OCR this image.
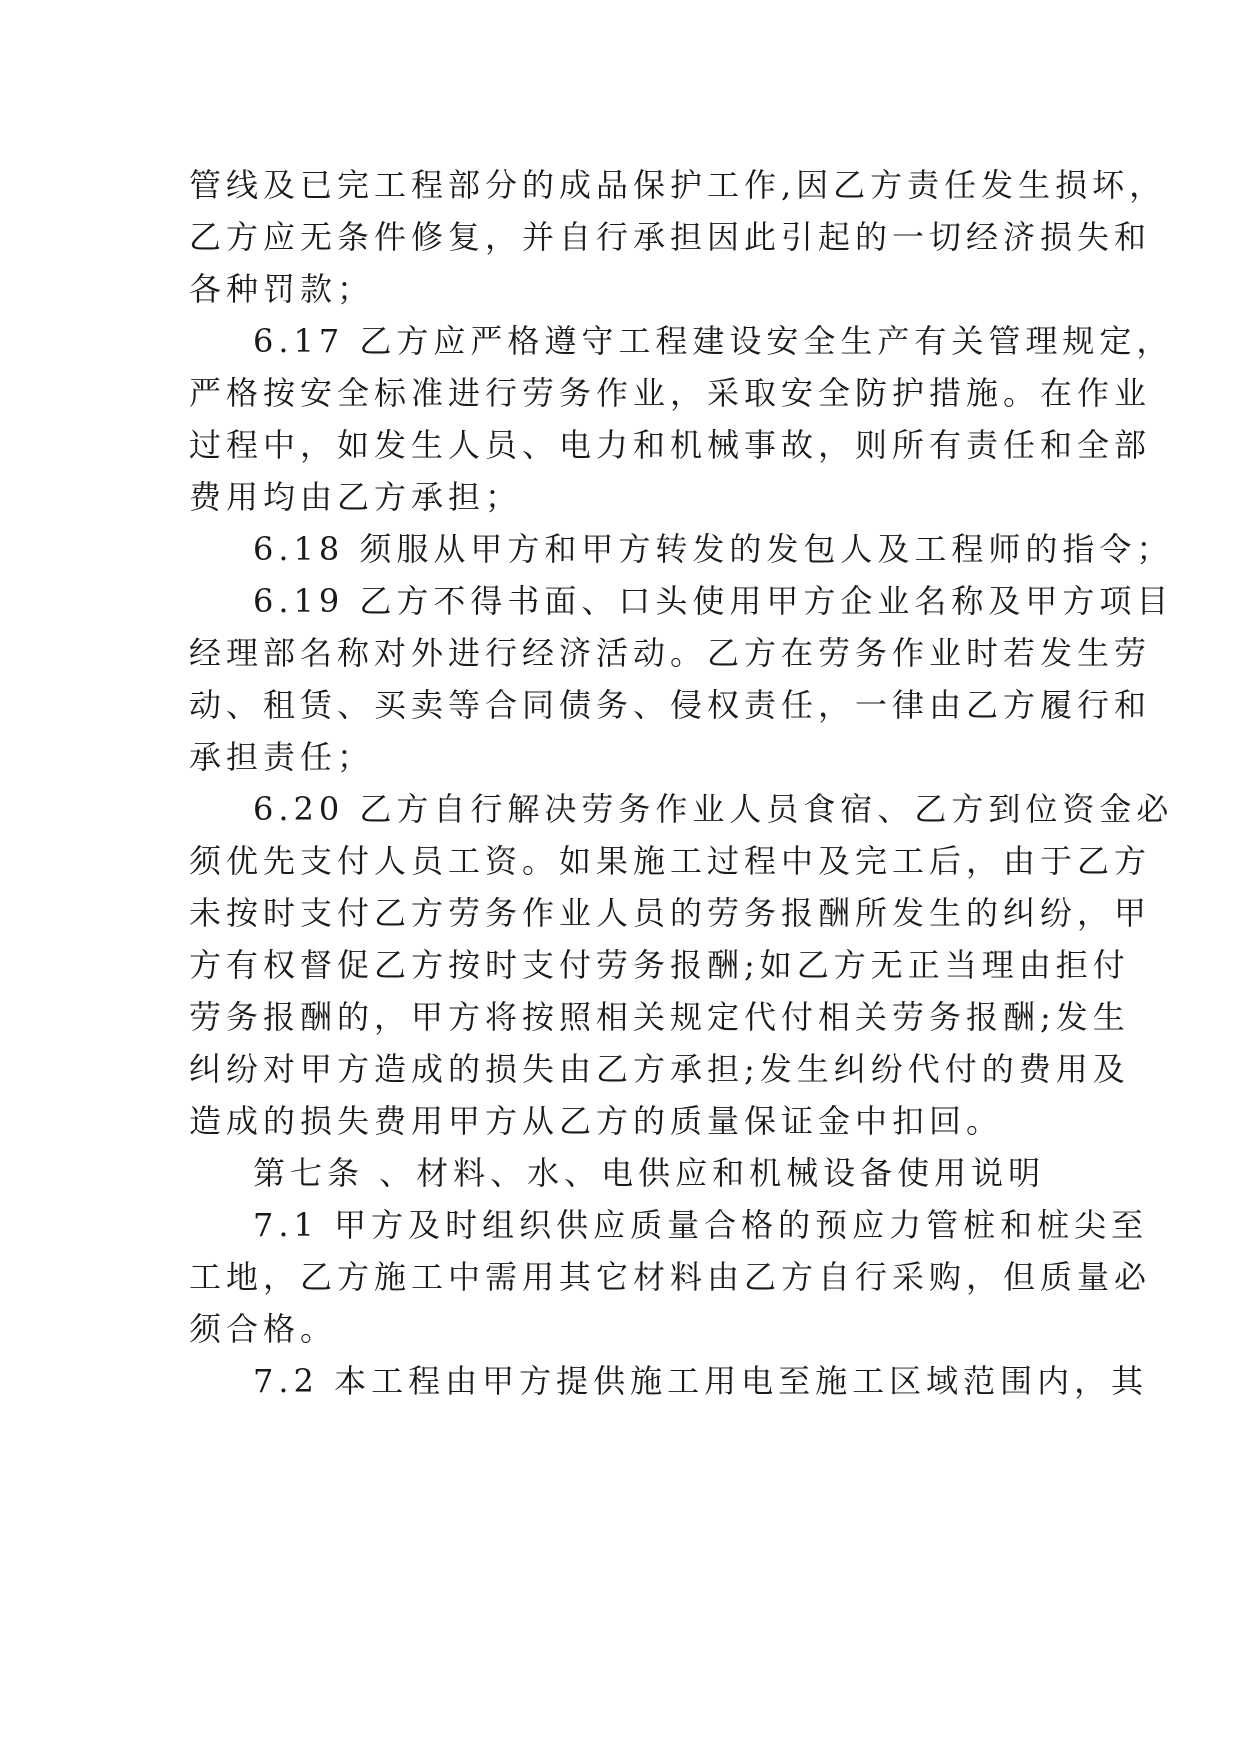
管线及已完工程部分的成品保护工作,因乙方责任发生损坏，
乙方应无条件修复，并自行承担因此引起的一切经济损失和
各种罚款；
6.17 乙方应严格遵守工程建设安全生产有关管理规定，
严格按安全标准进行劳务作业，采取安全防护措施。在作业
过程中，如发生人员、电力和机械事故，则所有责任和全部
费用均由乙方承担；
6.18 须服从甲方和甲方转发的发包人及工程师的指令；
6.19 乙方不得书面、口头使用甲方企业名称及甲方项目
经理部名称对外进行经济活动。乙方在劳务作业时若发生劳
动、租赁、买卖等合同债务、侵权责任，一律由乙方履行和
承担责任；
6.20 乙方自行解决劳务作业人员食宿、乙方到位资金必
须优先支付人员工资。如果施工过程中及完工后，由于乙方
未按时支付乙方劳务作业人员的劳务报酬所发生的纠纷，甲
方有权督促乙方按时支付劳务报酬;如乙方无正当理由拒付
劳务报酬的，甲方将按照相关规定代付相关劳务报酬;发生
纠纷对甲方造成的损失由乙方承担;发生纠纷代付的费用及
造成的损失费用甲方从乙方的质量保证金中扣回。
第七条 、材料、水、电供应和机械设备使用说明
7.1 甲方及时组织供应质量合格的预应力管桩和桩尖至
工地，乙方施工中需用其它材料由乙方自行采购，但质量必
须合格。
7.2 本工程由甲方提供施工用电至施工区域范围内，其
